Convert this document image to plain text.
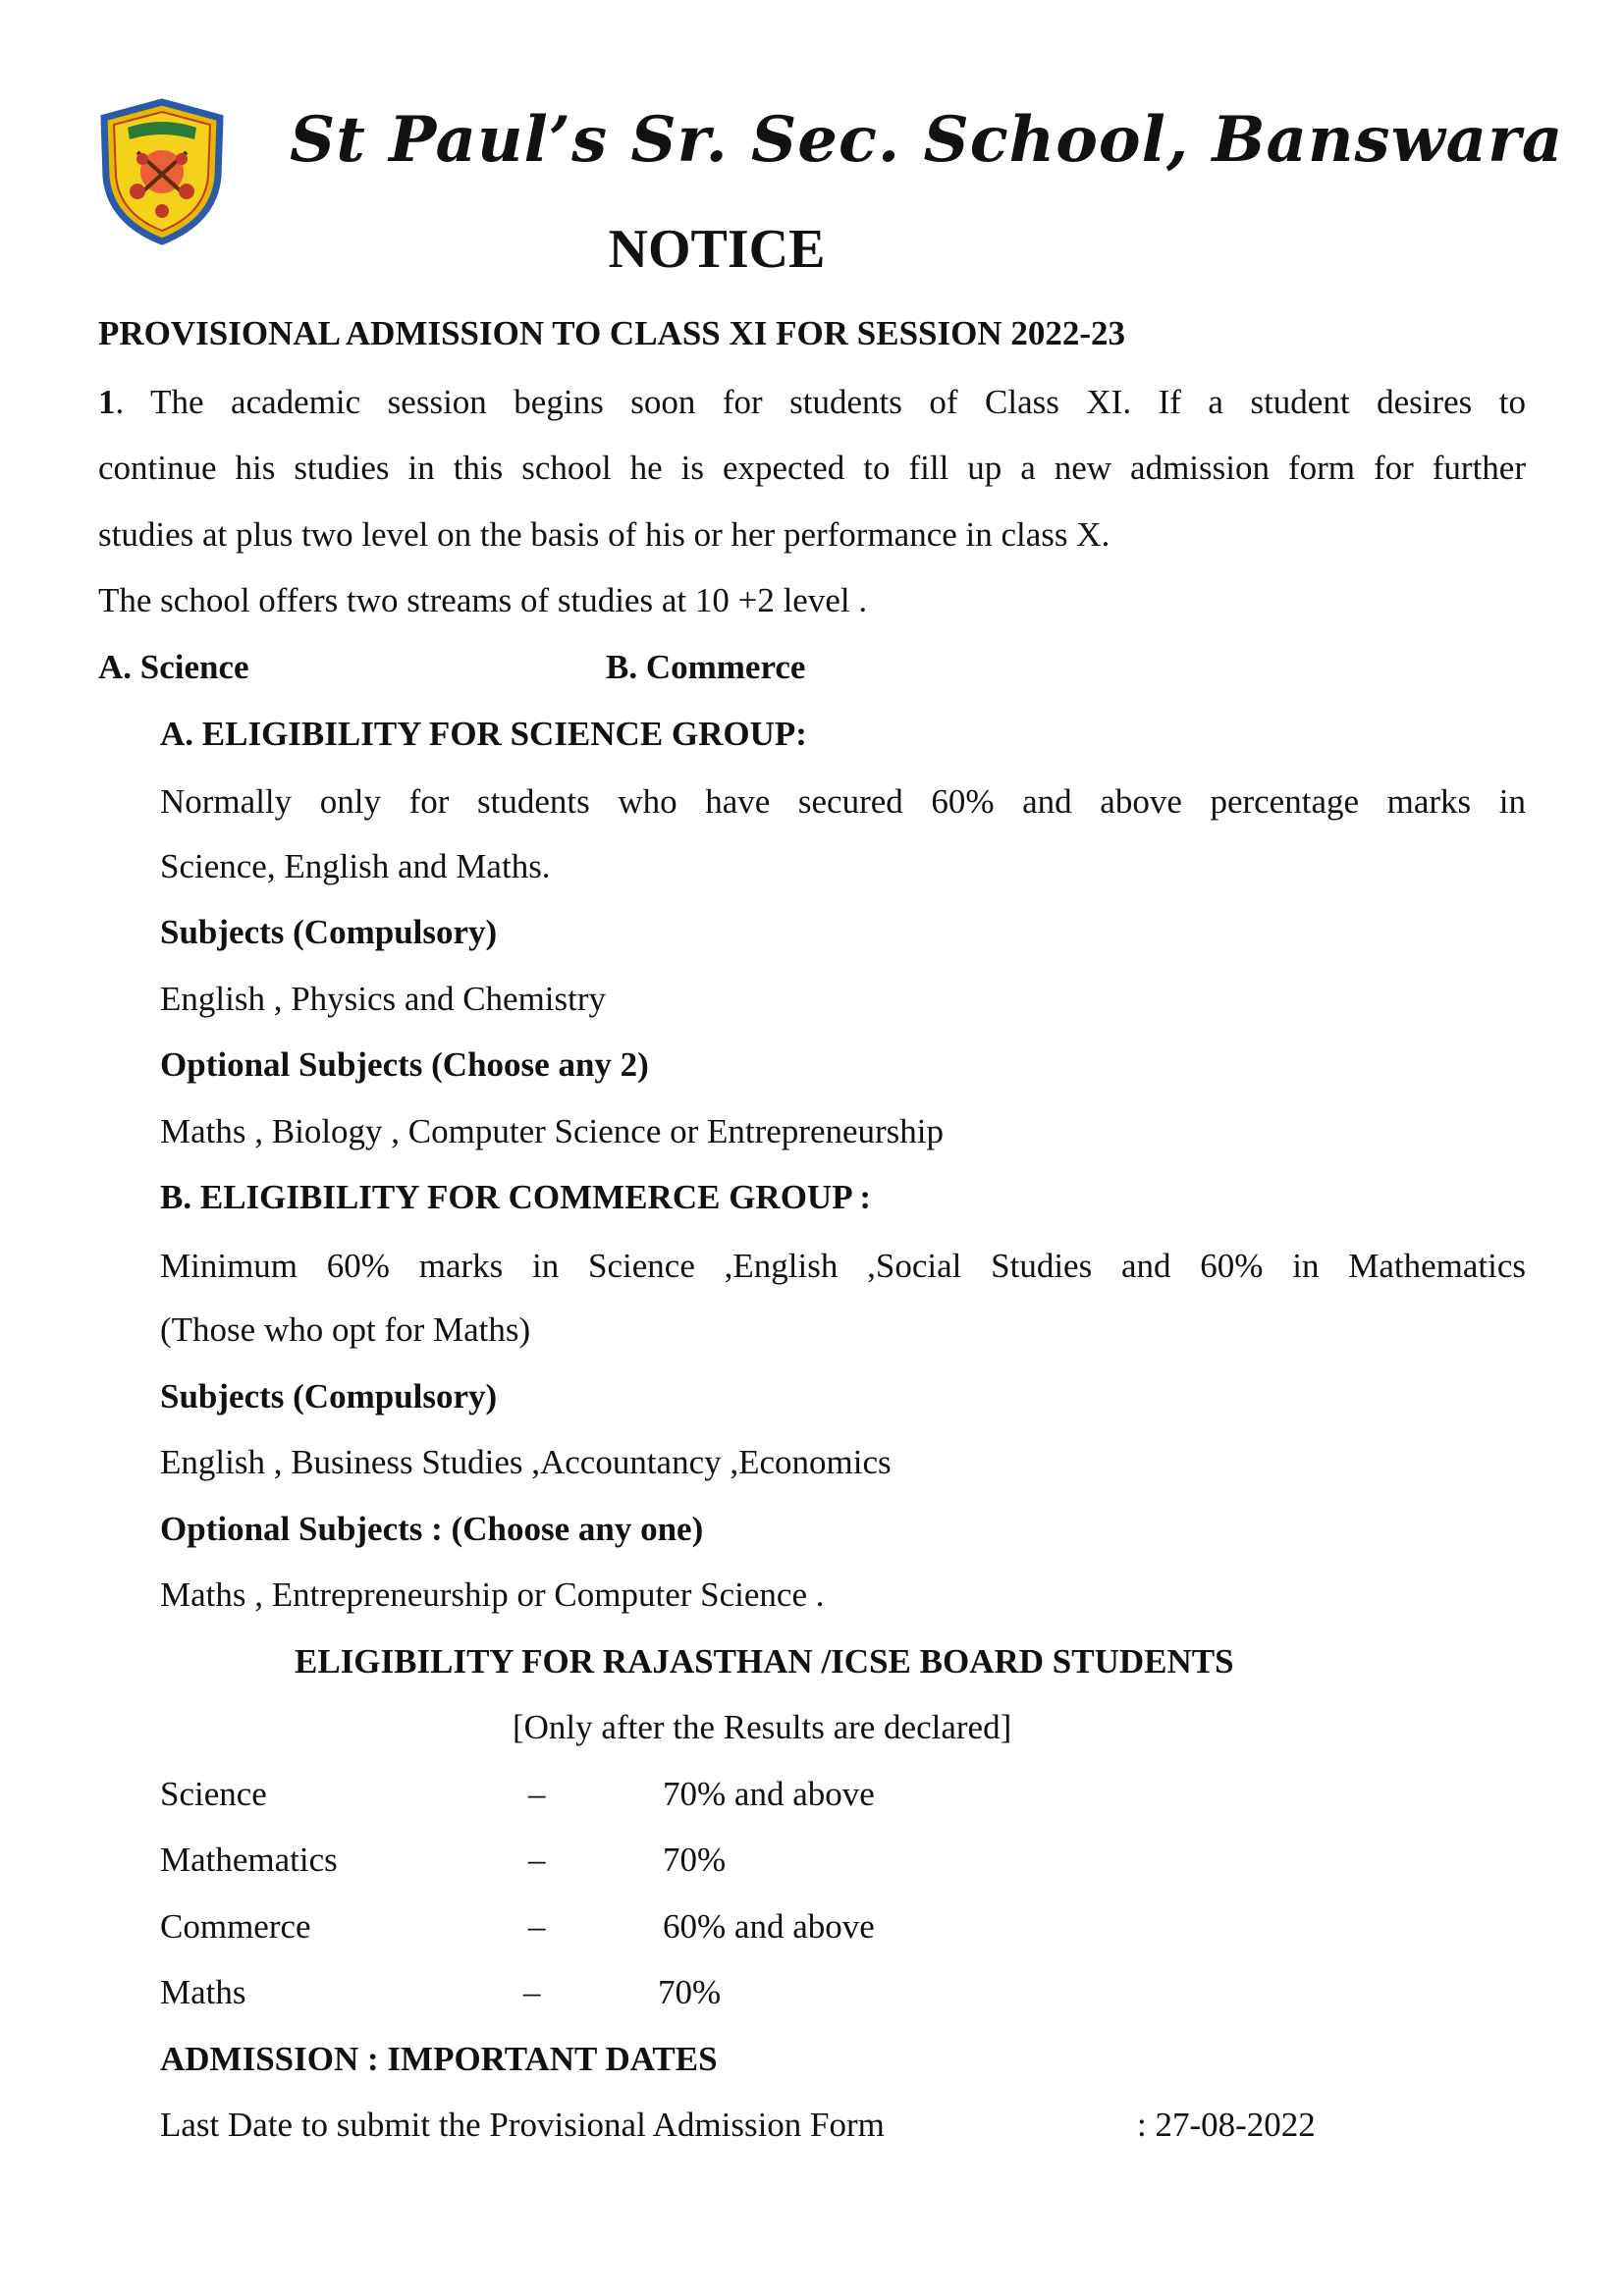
St Paul’s Sr. Sec. School, Banswara
NOTICE
PROVISIONAL ADMISSION TO CLASS XI FOR SESSION 2022-23
1. The academic session begins soon for students of Class XI. If a student desires to
continue his studies in this school he is expected to fill up a new admission form for further
studies at plus two level on the basis of his or her performance in class X.
The school offers two streams of studies at 10 +2 level .
A. Science	B. Commerce
A. ELIGIBILITY FOR SCIENCE GROUP:
Normally only for students who have secured 60% and above percentage marks in
Science, English and Maths.
Subjects (Compulsory)
English , Physics and Chemistry
Optional Subjects (Choose any 2)
Maths , Biology , Computer Science or Entrepreneurship
B. ELIGIBILITY FOR COMMERCE GROUP :
Minimum 60% marks in Science ,English ,Social Studies and 60% in Mathematics
(Those who opt for Maths)
Subjects (Compulsory)
English , Business Studies ,Accountancy ,Economics
Optional Subjects : (Choose any one)
Maths , Entrepreneurship or Computer Science .
ELIGIBILITY FOR RAJASTHAN /ICSE BOARD STUDENTS
[Only after the Results are declared]
Science	–	70% and above
Mathematics	–	70%
Commerce	–	60% and above
Maths	–	70%
ADMISSION : IMPORTANT DATES
Last Date to submit the Provisional Admission Form	: 27-08-2022
